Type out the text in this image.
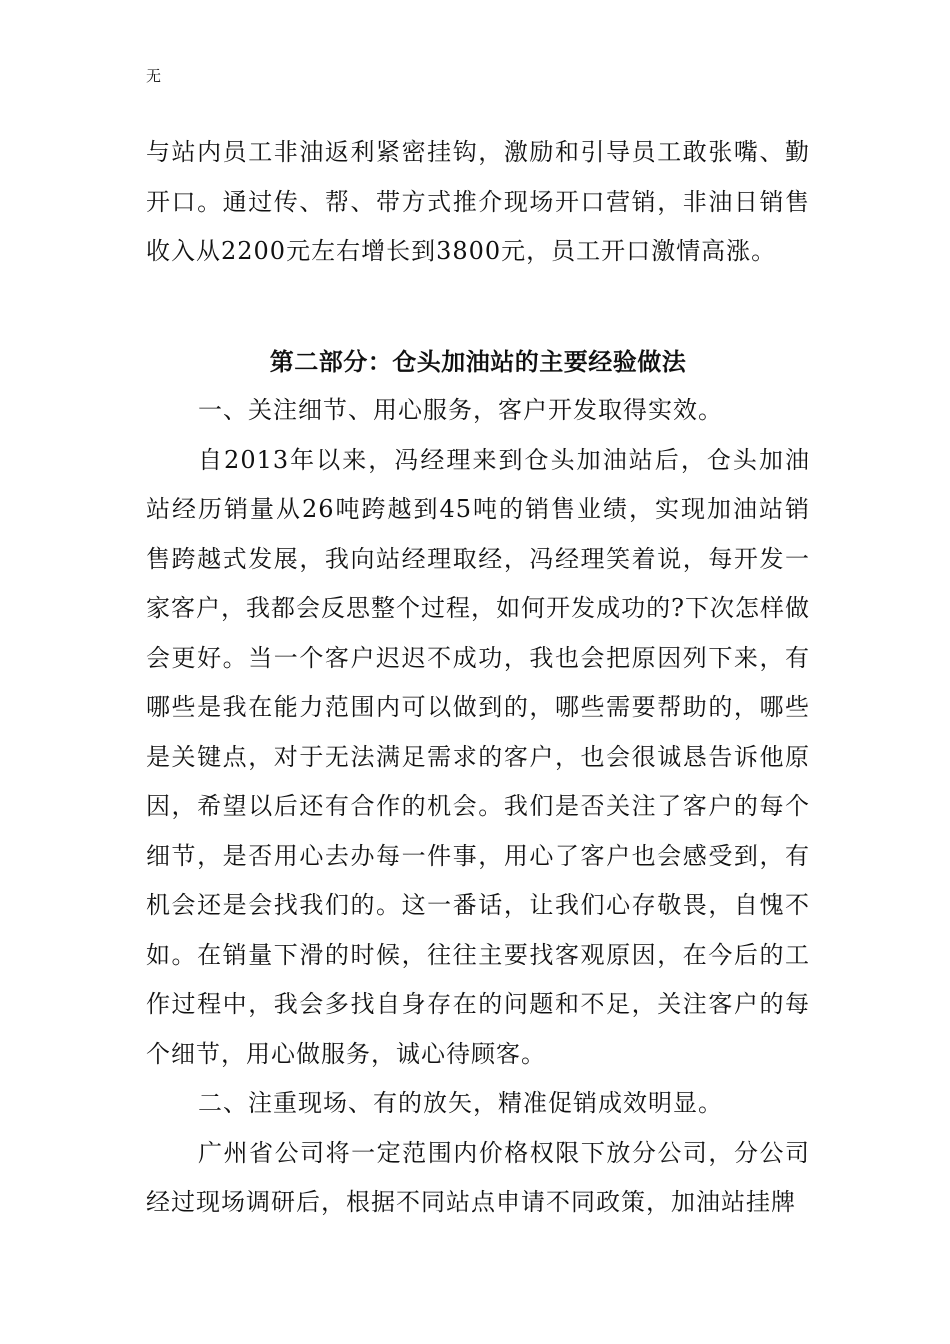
无

与站内员工非油返利紧密挂钩，激励和引导员工敢张嘴、勤开口。通过传、帮、带方式推介现场开口营销，非油日销售收入从2200元左右增长到3800元，员工开口激情高涨。

第二部分：仓头加油站的主要经验做法

一、关注细节、用心服务，客户开发取得实效。

自2013年以来，冯经理来到仓头加油站后，仓头加油站经历销量从26吨跨越到45吨的销售业绩，实现加油站销售跨越式发展，我向站经理取经，冯经理笑着说，每开发一家客户，我都会反思整个过程，如何开发成功的?下次怎样做会更好。当一个客户迟迟不成功，我也会把原因列下来，有哪些是我在能力范围内可以做到的，哪些需要帮助的，哪些是关键点，对于无法满足需求的客户，也会很诚恳告诉他原因，希望以后还有合作的机会。我们是否关注了客户的每个细节，是否用心去办每一件事，用心了客户也会感受到，有机会还是会找我们的。这一番话，让我们心存敬畏，自愧不如。在销量下滑的时候，往往主要找客观原因，在今后的工作过程中，我会多找自身存在的问题和不足，关注客户的每个细节，用心做服务，诚心待顾客。

二、注重现场、有的放矢，精准促销成效明显。

广州省公司将一定范围内价格权限下放分公司，分公司经过现场调研后，根据不同站点申请不同政策，加油站挂牌
